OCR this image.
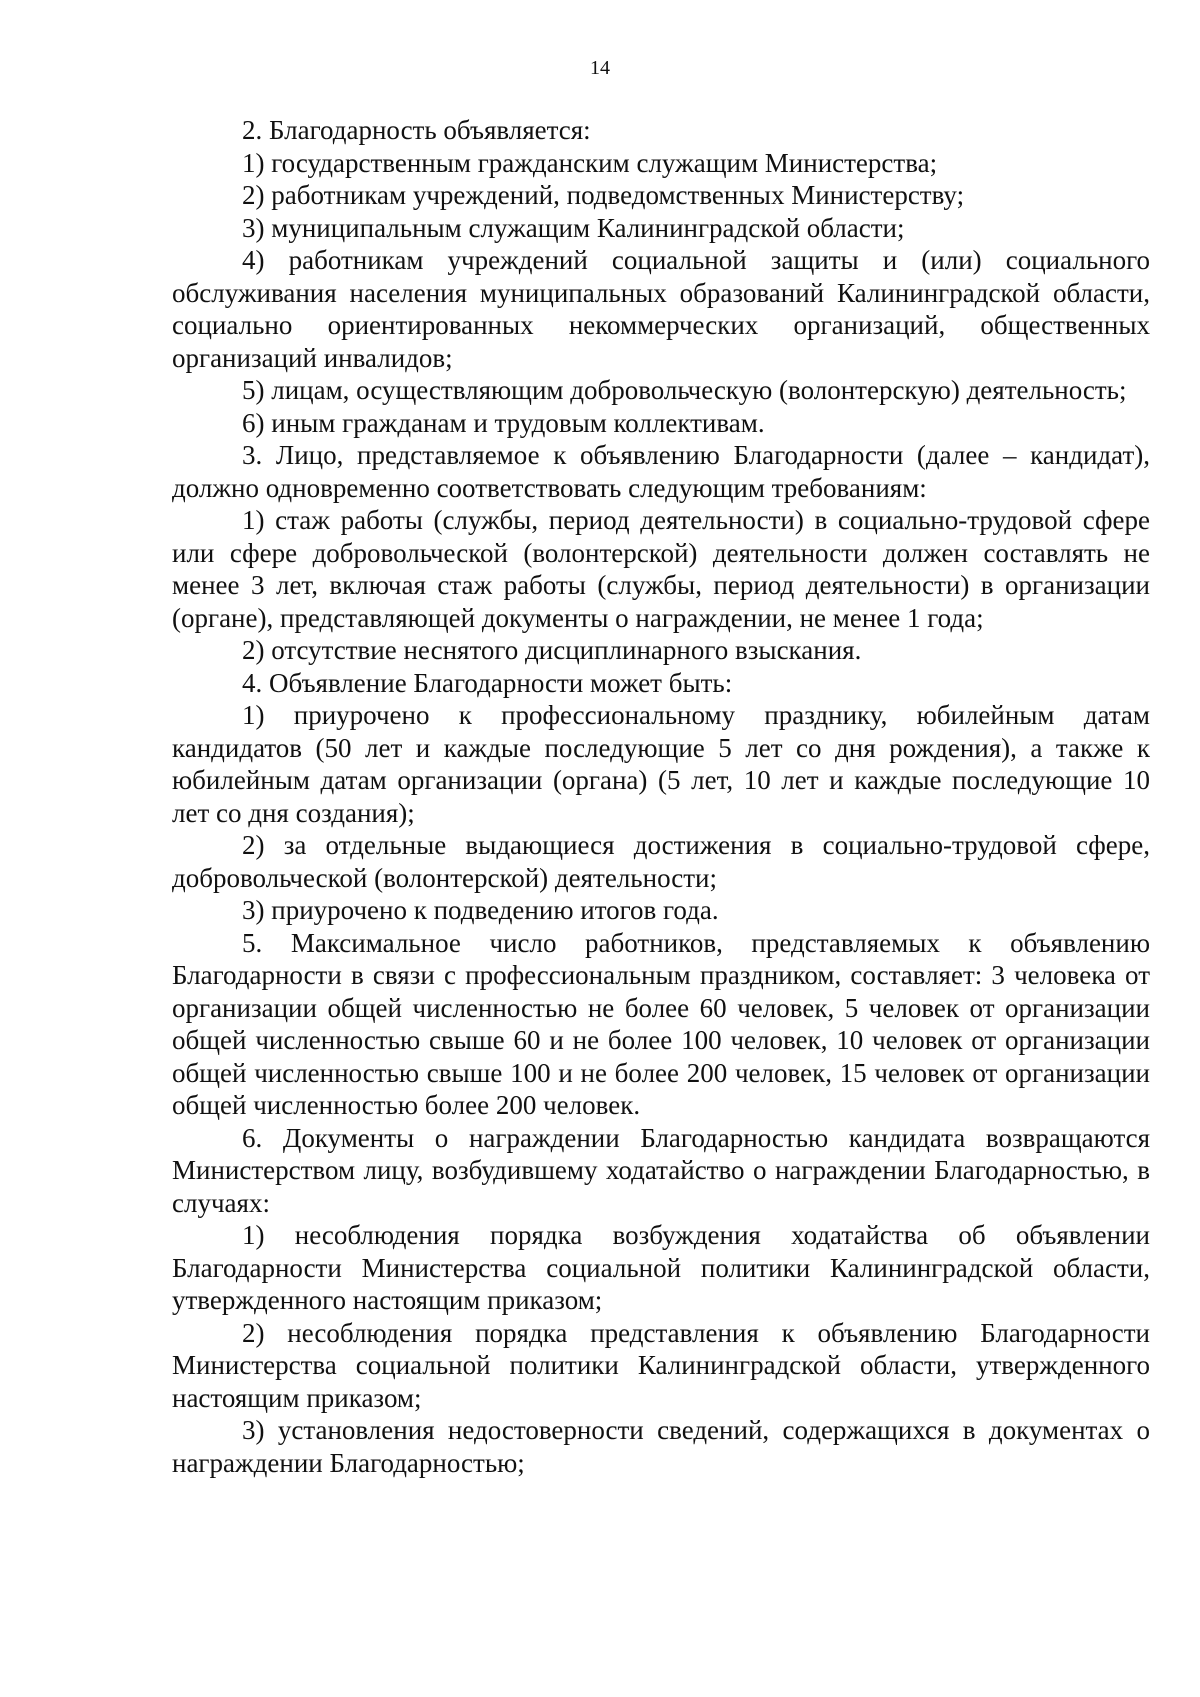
14

2. Благодарность объявляется:

1) государственным гражданским служащим Министерства;

2) работникам учреждений, подведомственных Министерству;

3) муниципальным служащим Калининградской области;

4) работникам учреждений социальной защиты и (или) социального обслуживания населения муниципальных образований Калининградской области, социально ориентированных некоммерческих организаций, общественных организаций инвалидов;

5) лицам, осуществляющим добровольческую (волонтерскую) деятельность;

6) иным гражданам и трудовым коллективам.

3. Лицо, представляемое к объявлению Благодарности (далее – кандидат), должно одновременно соответствовать следующим требованиям:

1) стаж работы (службы, период деятельности) в социально-трудовой сфере или сфере добровольческой (волонтерской) деятельности должен составлять не менее 3 лет, включая стаж работы (службы, период деятельности) в организации (органе), представляющей документы о награждении, не менее 1 года;

2) отсутствие неснятого дисциплинарного взыскания.

4. Объявление Благодарности может быть:

1) приурочено к профессиональному празднику, юбилейным датам кандидатов (50 лет и каждые последующие 5 лет со дня рождения), а также к юбилейным датам организации (органа) (5 лет, 10 лет и каждые последующие 10 лет со дня создания);

2) за отдельные выдающиеся достижения в социально-трудовой сфере, добровольческой (волонтерской) деятельности;

3) приурочено к подведению итогов года.

5. Максимальное число работников, представляемых к объявлению Благодарности в связи с профессиональным праздником, составляет: 3 человека от организации общей численностью не более 60 человек, 5 человек от организации общей численностью свыше 60 и не более 100 человек, 10 человек от организации общей численностью свыше 100 и не более 200 человек, 15 человек от организации общей численностью более 200 человек.

6. Документы о награждении Благодарностью кандидата возвращаются Министерством лицу, возбудившему ходатайство о награждении Благодарностью, в случаях:

1) несоблюдения порядка возбуждения ходатайства об объявлении Благодарности Министерства социальной политики Калининградской области, утвержденного настоящим приказом;

2) несоблюдения порядка представления к объявлению Благодарности Министерства социальной политики Калининградской области, утвержденного настоящим приказом;

3) установления недостоверности сведений, содержащихся в документах о награждении Благодарностью;
